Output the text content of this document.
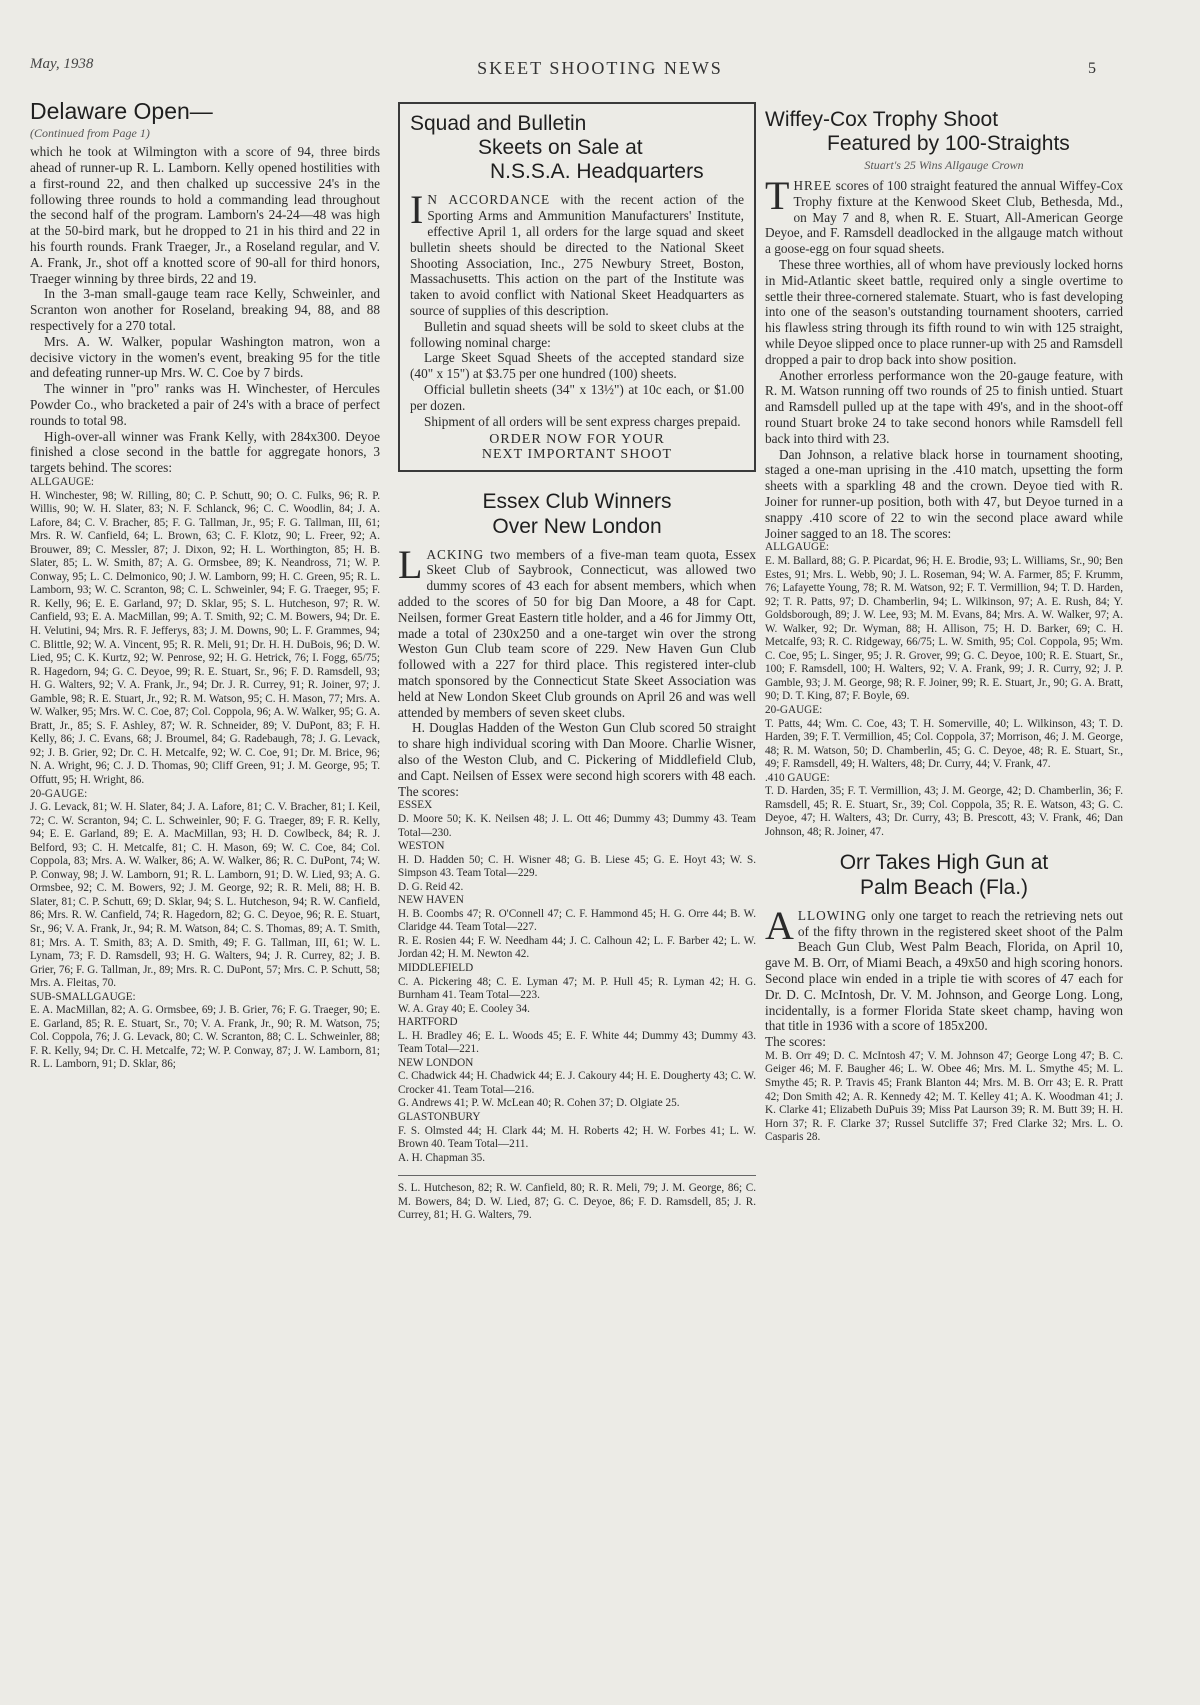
May, 1938	SKEET SHOOTING NEWS	5
Delaware Open—
(Continued from Page 1)

which he took at Wilmington with a score of 94, three birds ahead of runner-up R. L. Lamborn. Kelly opened hostilities with a first-round 22, and then chalked up successive 24's in the following three rounds to hold a commanding lead throughout the second half of the program. Lamborn's 24-24—48 was high at the 50-bird mark, but he dropped to 21 in his third and 22 in his fourth rounds. Frank Traeger, Jr., a Roseland regular, and V. A. Frank, Jr., shot off a knotted score of 90-all for third honors, Traeger winning by three birds, 22 and 19.

In the 3-man small-gauge team race Kelly, Schweinler, and Scranton won another for Roseland, breaking 94, 88, and 88 respectively for a 270 total.

Mrs. A. W. Walker, popular Washington matron, won a decisive victory in the women's event, breaking 95 for the title and defeating runner-up Mrs. W. C. Coe by 7 birds.

The winner in "pro" ranks was H. Winchester, of Hercules Powder Co., who bracketed a pair of 24's with a brace of perfect rounds to total 98.

High-over-all winner was Frank Kelly, with 284x300. Deyoe finished a close second in the battle for aggregate honors, 3 targets behind. The scores:

ALLGAUGE:
H. Winchester, 98; W. Rilling, 80; C. P. Schutt, 90; O. C. Fulks, 96; R. P. Willis, 90; W. H. Slater, 83; N. F. Schlanck, 96; C. C. Woodlin, 84; J. A. Lafore, 84; C. V. Bracher, 85; F. G. Tallman, Jr., 95; F. G. Tallman, III, 61; Mrs. R. W. Canfield, 64; L. Brown, 63; C. F. Klotz, 90; L. Freer, 92; A. Brouwer, 89; C. Messler, 87; J. Dixon, 92; H. L. Worthington, 85; H. B. Slater, 85; L. W. Smith, 87; A. G. Ormsbee, 89; K. Neandross, 71; W. P. Conway, 95; L. C. Delmonico, 90; J. W. Lamborn, 99; H. C. Green, 95; R. L. Lamborn, 93; W. C. Scranton, 98; C. L. Schweinler, 94; F. G. Traeger, 95; F. R. Kelly, 96; E. E. Garland, 97; D. Sklar, 95; S. L. Hutcheson, 97; R. W. Canfield, 93; E. A. MacMillan, 99; A. T. Smith, 92; C. M. Bowers, 94; Dr. E. H. Velutini, 94; Mrs. R. F. Jefferys, 83; J. M. Downs, 90; L. F. Grammes, 94; C. Blittle, 92; W. A. Vincent, 95; R. R. Meli, 91; Dr. H. H. DuBois, 96; D. W. Lied, 95; C. K. Kurtz, 92; W. Penrose, 92; H. G. Hetrick, 76; I. Fogg, 65/75; R. Hagedorn, 94; G. C. Deyoe, 99; R. E. Stuart, Sr., 96; F. D. Ramsdell, 93; H. G. Walters, 92; V. A. Frank, Jr., 94; Dr. J. R. Currey, 91; R. Joiner, 97; J. Gamble, 98; R. E. Stuart, Jr., 92; R. M. Watson, 95; C. H. Mason, 77; Mrs. A. W. Walker, 95; Mrs. W. C. Coe, 87; Col. Coppola, 96; A. W. Walker, 95; G. A. Bratt, Jr., 85; S. F. Ashley, 87; W. R. Schneider, 89; V. DuPont, 83; F. H. Kelly, 86; J. C. Evans, 68; J. Broumel, 84; G. Radebaugh, 78; J. G. Levack, 92; J. B. Grier, 92; Dr. C. H. Metcalfe, 92; W. C. Coe, 91; Dr. M. Brice, 96; N. A. Wright, 96; C. J. D. Thomas, 90; Cliff Green, 91; J. M. George, 95; T. Offutt, 95; H. Wright, 86.
20-GAUGE:
J. G. Levack, 81; W. H. Slater, 84; J. A. Lafore, 81; C. V. Bracher, 81; I. Keil, 72; C. W. Scranton, 94; C. L. Schweinler, 90; F. G. Traeger, 89; F. R. Kelly, 94; E. E. Garland, 89; E. A. MacMillan, 93; H. D. Cowlbeck, 84; R. J. Belford, 93; C. H. Metcalfe, 81; C. H. Mason, 69; W. C. Coe, 84; Col. Coppola, 83; Mrs. A. W. Walker, 86; A. W. Walker, 86; R. C. DuPont, 74; W. P. Conway, 98; J. W. Lamborn, 91; R. L. Lamborn, 91; D. W. Lied, 93; A. G. Ormsbee, 92; C. M. Bowers, 92; J. M. George, 92; R. R. Meli, 88; H. B. Slater, 81; C. P. Schutt, 69; D. Sklar, 94; S. L. Hutcheson, 94; R. W. Canfield, 86; Mrs. R. W. Canfield, 74; R. Hagedorn, 82; G. C. Deyoe, 96; R. E. Stuart, Sr., 96; V. A. Frank, Jr., 94; R. M. Watson, 84; C. S. Thomas, 89; A. T. Smith, 81; Mrs. A. T. Smith, 83; A. D. Smith, 49; F. G. Tallman, III, 61; W. L. Lynam, 73; F. D. Ramsdell, 93; H. G. Walters, 94; J. R. Currey, 82; J. B. Grier, 76; F. G. Tallman, Jr., 89; Mrs. R. C. DuPont, 57; Mrs. C. P. Schutt, 58; Mrs. A. Fleitas, 70.
SUB-SMALLGAUGE:
E. A. MacMillan, 82; A. G. Ormsbee, 69; J. B. Grier, 76; F. G. Traeger, 90; E. E. Garland, 85; R. E. Stuart, Sr., 70; V. A. Frank, Jr., 90; R. M. Watson, 75; Col. Coppola, 76; J. G. Levack, 80; C. W. Scranton, 88; C. L. Schweinler, 88; F. R. Kelly, 94; Dr. C. H. Metcalfe, 72; W. P. Conway, 87; J. W. Lamborn, 81; R. L. Lamborn, 91; D. Sklar, 86;
Squad and Bulletin
Skeets on Sale at
N.S.S.A. Headquarters

I N ACCORDANCE with the recent action of the Sporting Arms and Ammunition Manufacturers' Institute, effective April 1, all orders for the large squad and skeet bulletin sheets should be directed to the National Skeet Shooting Association, Inc., 275 Newbury Street, Boston, Massachusetts. This action on the part of the Institute was taken to avoid conflict with National Skeet Headquarters as source of supplies of this description.

Bulletin and squad sheets will be sold to skeet clubs at the following nominal charge:

Large Skeet Squad Sheets of the accepted standard size (40" x 15") at $3.75 per one hundred (100) sheets.

Official bulletin sheets (34" x 13½") at 10c each, or $1.00 per dozen.

Shipment of all orders will be sent express charges prepaid.

ORDER NOW FOR YOUR
NEXT IMPORTANT SHOOT
Essex Club Winners
Over New London

LACKING two members of a five-man team quota, Essex Skeet Club of Saybrook, Connecticut, was allowed two dummy scores of 43 each for absent members, which when added to the scores of 50 for big Dan Moore, a 48 for Capt. Neilsen, former Great Eastern title holder, and a 46 for Jimmy Ott, made a total of 230x250 and a one-target win over the strong Weston Gun Club team score of 229. New Haven Gun Club followed with a 227 for third place. This registered inter-club match sponsored by the Connecticut State Skeet Association was held at New London Skeet Club grounds on April 26 and was well attended by members of seven skeet clubs.

H. Douglas Hadden of the Weston Gun Club scored 50 straight to share high individual scoring with Dan Moore. Charlie Wisner, also of the Weston Club, and C. Pickering of Middlefield Club, and Capt. Neilsen of Essex were second high scorers with 48 each. The scores:

ESSEX
D. Moore 50; K. K. Neilsen 48; J. L. Ott 46; Dummy 43; Dummy 43. Team Total—230.
WESTON
H. D. Hadden 50; C. H. Wisner 48; G. B. Liese 45; G. E. Hoyt 43; W. S. Simpson 43. Team Total—229.
D. G. Reid 42.
NEW HAVEN
H. B. Coombs 47; R. O'Connell 47; C. F. Hammond 45; H. G. Orre 44; B. W. Claridge 44. Team Total—227.
R. E. Rosien 44; F. W. Needham 44; J. C. Calhoun 42; L. F. Barber 42; L. W. Jordan 42; H. M. Newton 42.
MIDDLEFIELD
C. A. Pickering 48; C. E. Lyman 47; M. P. Hull 45; R. Lyman 42; H. G. Burnham 41. Team Total—223.
W. A. Gray 40; E. Cooley 34.
HARTFORD
L. H. Bradley 46; E. L. Woods 45; E. F. White 44; Dummy 43; Dummy 43. Team Total—221.
NEW LONDON
C. Chadwick 44; H. Chadwick 44; E. J. Cakoury 44; H. E. Dougherty 43; C. W. Crocker 41. Team Total—216.
G. Andrews 41; P. W. McLean 40; R. Cohen 37; D. Olgiate 25.
GLASTONBURY
F. S. Olmsted 44; H. Clark 44; M. H. Roberts 42; H. W. Forbes 41; L. W. Brown 40. Team Total—211.
A. H. Chapman 35.
S. L. Hutcheson, 82; R. W. Canfield, 80; R. R. Meli, 79; J. M. George, 86; C. M. Bowers, 84; D. W. Lied, 87; G. C. Deyoe, 86; F. D. Ramsdell, 85; J. R. Currey, 81; H. G. Walters, 79.
Wiffey-Cox Trophy Shoot
Featured by 100-Straights
Stuart's 25 Wins Allgauge Crown

THREE scores of 100 straight featured the annual Wiffey-Cox Trophy fixture at the Kenwood Skeet Club, Bethesda, Md., on May 7 and 8, when R. E. Stuart, All-American George Deyoe, and F. Ramsdell deadlocked in the allgauge match without a goose-egg on four squad sheets.

These three worthies, all of whom have previously locked horns in Mid-Atlantic skeet battle, required only a single overtime to settle their three-cornered stalemate. Stuart, who is fast developing into one of the season's outstanding tournament shooters, carried his flawless string through its fifth round to win with 125 straight, while Deyoe slipped once to place runner-up with 25 and Ramsdell dropped a pair to drop back into show position.

Another errorless performance won the 20-gauge feature, with R. M. Watson running off two rounds of 25 to finish untied. Stuart and Ramsdell pulled up at the tape with 49's, and in the shoot-off round Stuart broke 24 to take second honors while Ramsdell fell back into third with 23.

Dan Johnson, a relative black horse in tournament shooting, staged a one-man uprising in the .410 match, upsetting the form sheets with a sparkling 48 and the crown. Deyoe tied with R. Joiner for runner-up position, both with 47, but Deyoe turned in a snappy .410 score of 22 to win the second place award while Joiner sagged to an 18. The scores:

ALLGAUGE:
E. M. Ballard, 88; G. P. Picardat, 96; H. E. Brodie, 93; L. Williams, Sr., 90; Ben Estes, 91; Mrs. L. Webb, 90; J. L. Roseman, 94; W. A. Farmer, 85; F. Krumm, 76; Lafayette Young, 78; R. M. Watson, 92; F. T. Vermillion, 94; T. D. Harden, 92; T. R. Patts, 97; D. Chamberlin, 94; L. Wilkinson, 97; A. E. Rush, 84; Y. Goldsborough, 89; J. W. Lee, 93; M. M. Evans, 84; Mrs. A. W. Walker, 97; A. W. Walker, 92; Dr. Wyman, 88; H. Allison, 75; H. D. Barker, 69; C. H. Metcalfe, 93; R. C. Ridgeway, 66/75; L. W. Smith, 95; Col. Coppola, 95; Wm. C. Coe, 95; L. Singer, 95; J. R. Grover, 99; G. C. Deyoe, 100; R. E. Stuart, Sr., 100; F. Ramsdell, 100; H. Walters, 92; V. A. Frank, 99; J. R. Curry, 92; J. P. Gamble, 93; J. M. George, 98; R. F. Joiner, 99; R. E. Stuart, Jr., 90; G. A. Bratt, 90; D. T. King, 87; F. Boyle, 69.
20-GAUGE:
T. Patts, 44; Wm. C. Coe, 43; T. H. Somerville, 40; L. Wilkinson, 43; T. D. Harden, 39; F. T. Vermillion, 45; Col. Coppola, 37; Morrison, 46; J. M. George, 48; R. M. Watson, 50; D. Chamberlin, 45; G. C. Deyoe, 48; R. E. Stuart, Sr., 49; F. Ramsdell, 49; H. Walters, 48; Dr. Curry, 44; V. Frank, 47.
.410 GAUGE:
T. D. Harden, 35; F. T. Vermillion, 43; J. M. George, 42; D. Chamberlin, 36; F. Ramsdell, 45; R. E. Stuart, Sr., 39; Col. Coppola, 35; R. E. Watson, 43; G. C. Deyoe, 47; H. Walters, 43; Dr. Curry, 43; B. Prescott, 43; V. Frank, 46; Dan Johnson, 48; R. Joiner, 47.
Orr Takes High Gun at
Palm Beach (Fla.)

ALLOWING only one target to reach the retrieving nets out of the fifty thrown in the registered skeet shoot of the Palm Beach Gun Club, West Palm Beach, Florida, on April 10, gave M. B. Orr, of Miami Beach, a 49x50 and high scoring honors. Second place win ended in a triple tie with scores of 47 each for Dr. D. C. McIntosh, Dr. V. M. Johnson, and George Long. Long, incidentally, is a former Florida State skeet champ, having won that title in 1936 with a score of 185x200.

The scores:

M. B. Orr 49; D. C. McIntosh 47; V. M. Johnson 47; George Long 47; B. C. Geiger 46; M. F. Baugher 46; L. W. Obee 46; Mrs. M. L. Smythe 45; M. L. Smythe 45; R. P. Travis 45; Frank Blanton 44; Mrs. M. B. Orr 43; E. R. Pratt 42; Don Smith 42; A. R. Kennedy 42; M. T. Kelley 41; A. K. Woodman 41; J. K. Clarke 41; Elizabeth DuPuis 39; Miss Pat Laurson 39; R. M. Butt 39; H. H. Horn 37; R. F. Clarke 37; Russel Sutcliffe 37; Fred Clarke 32; Mrs. L. O. Casparis 28.
